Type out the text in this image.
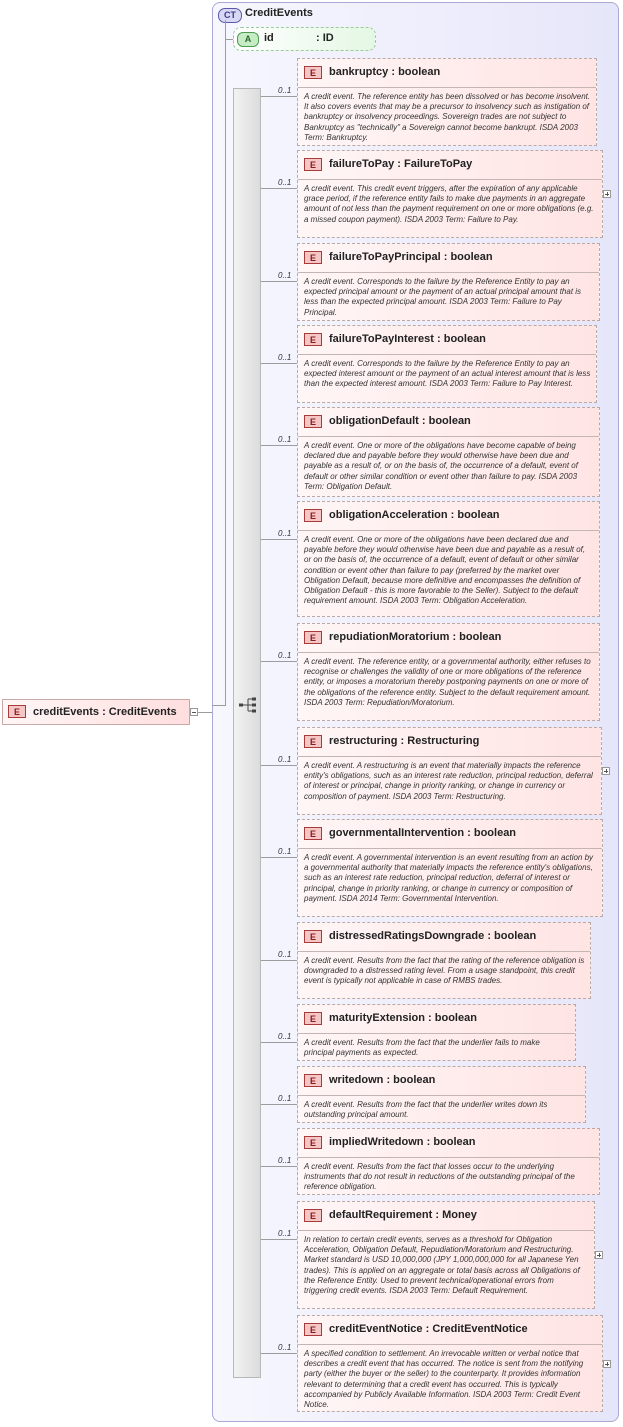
CT CreditEvents
A	id	: ID
E	creditEvents : CreditEvents
0..1
E	bankruptcy : boolean
A credit event. The reference entity has been dissolved or has become insolvent. It also covers events that may be a precursor to insolvency such as instigation of bankruptcy or insolvency proceedings. Sovereign trades are not subject to Bankruptcy as "technically" a Sovereign cannot become bankrupt. ISDA 2003 Term: Bankruptcy.
0..1
E	failureToPay : FailureToPay
A credit event. This credit event triggers, after the expiration of any applicable grace period, if the reference entity fails to make due payments in an aggregate amount of not less than the payment requirement on one or more obligations (e.g. a missed coupon payment). ISDA 2003 Term: Failure to Pay.
0..1
E	failureToPayPrincipal : boolean
A credit event. Corresponds to the failure by the Reference Entity to pay an expected principal amount or the payment of an actual principal amount that is less than the expected principal amount. ISDA 2003 Term: Failure to Pay Principal.
0..1
E	failureToPayInterest : boolean
A credit event. Corresponds to the failure by the Reference Entity to pay an expected interest amount or the payment of an actual interest amount that is less than the expected interest amount. ISDA 2003 Term: Failure to Pay Interest.
0..1
E	obligationDefault : boolean
A credit event. One or more of the obligations have become capable of being declared due and payable before they would otherwise have been due and payable as a result of, or on the basis of, the occurrence of a default, event of default or other similar condition or event other than failure to pay. ISDA 2003 Term: Obligation Default.
0..1
E	obligationAcceleration : boolean
A credit event. One or more of the obligations have been declared due and payable before they would otherwise have been due and payable as a result of, or on the basis of, the occurrence of a default, event of default or other similar condition or event other than failure to pay (preferred by the market over Obligation Default, because more definitive and encompasses the definition of Obligation Default - this is more favorable to the Seller). Subject to the default requirement amount. ISDA 2003 Term: Obligation Acceleration.
0..1
E	repudiationMoratorium : boolean
A credit event. The reference entity, or a governmental authority, either refuses to recognise or challenges the validity of one or more obligations of the reference entity, or imposes a moratorium thereby postponing payments on one or more of the obligations of the reference entity. Subject to the default requirement amount. ISDA 2003 Term: Repudiation/Moratorium.
0..1
E	restructuring : Restructuring
A credit event. A restructuring is an event that materially impacts the reference entity's obligations, such as an interest rate reduction, principal reduction, deferral of interest or principal, change in priority ranking, or change in currency or composition of payment. ISDA 2003 Term: Restructuring.
0..1
E	governmentalIntervention : boolean
A credit event. A governmental intervention is an event resulting from an action by a governmental authority that materially impacts the reference entity's obligations, such as an interest rate reduction, principal reduction, deferral of interest or principal, change in priority ranking, or change in currency or composition of payment. ISDA 2014 Term: Governmental Intervention.
0..1
E	distressedRatingsDowngrade : boolean
A credit event. Results from the fact that the rating of the reference obligation is downgraded to a distressed rating level. From a usage standpoint, this credit event is typically not applicable in case of RMBS trades.
0..1
E	maturityExtension : boolean
A credit event. Results from the fact that the underlier fails to make principal payments as expected.
0..1
E	writedown : boolean
A credit event. Results from the fact that the underlier writes down its outstanding principal amount.
0..1
E	impliedWritedown : boolean
A credit event. Results from the fact that losses occur to the underlying instruments that do not result in reductions of the outstanding principal of the reference obligation.
0..1
E	defaultRequirement : Money
In relation to certain credit events, serves as a threshold for Obligation Acceleration, Obligation Default, Repudiation/Moratorium and Restructuring. Market standard is USD 10,000,000 (JPY 1,000,000,000 for all Japanese Yen trades). This is applied on an aggregate or total basis across all Obligations of the Reference Entity. Used to prevent technical/operational errors from triggering credit events. ISDA 2003 Term: Default Requirement.
0..1
E	creditEventNotice : CreditEventNotice
A specified condition to settlement. An irrevocable written or verbal notice that describes a credit event that has occurred. The notice is sent from the notifying party (either the buyer or the seller) to the counterparty. It provides information relevant to determining that a credit event has occurred. This is typically accompanied by Publicly Available Information. ISDA 2003 Term: Credit Event Notice.
